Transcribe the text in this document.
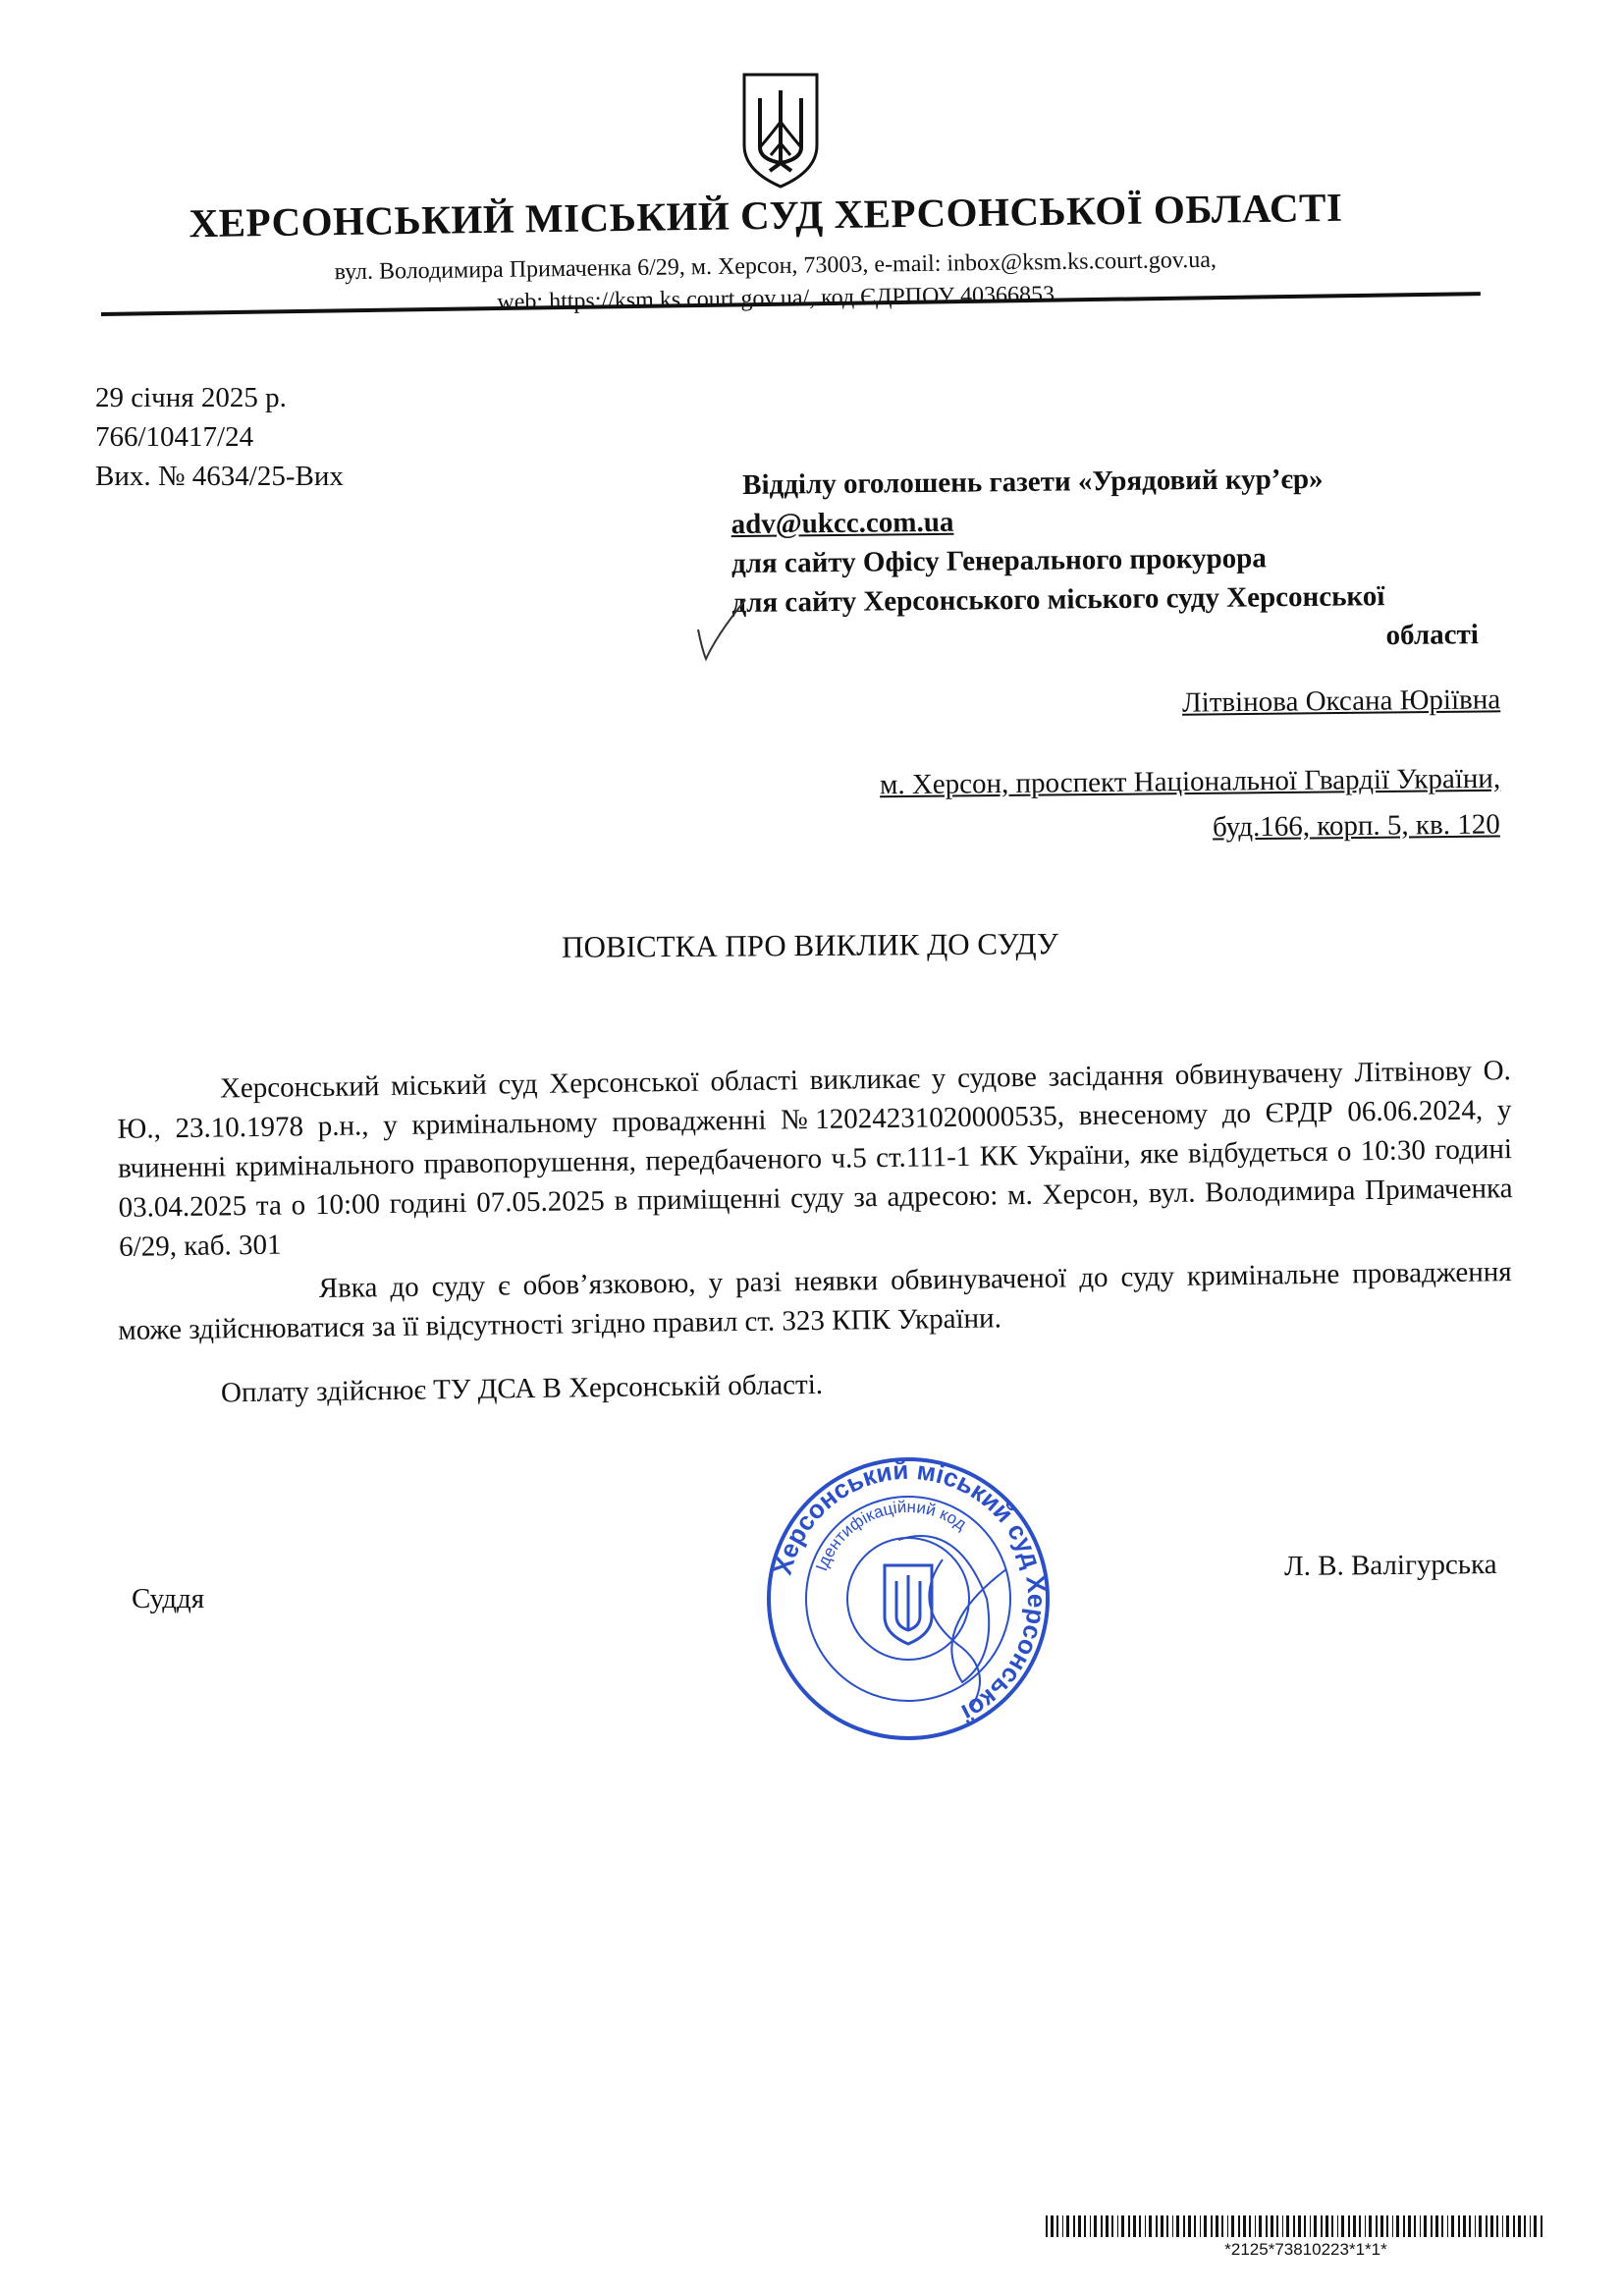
ХЕРСОНСЬКИЙ МІСЬКИЙ СУД ХЕРСОНСЬКОЇ ОБЛАСТІ
вул. Володимира Примаченка 6/29, м. Херсон, 73003, e-mail: inbox@ksm.ks.court.gov.ua,
web: https://ksm.ks.court.gov.ua/, код ЄДРПОУ 40366853
29 січня 2025 р.
766/10417/24
Вих. № 4634/25-Вих	Відділу оголошень газети «Урядовий кур’єр»
adv@ukcc.com.ua
для сайту Офісу Генерального прокурора
для сайту Херсонського міського суду Херсонської
області
Літвінова Оксана Юріївна
м. Херсон, проспект Національної Гвардії України,
буд.166, корп. 5, кв. 120
ПОВІСТКА ПРО ВИКЛИК ДО СУДУ
Херсонський міський суд Херсонської області викликає у судове засідання обвинувачену Літвінову О. Ю., 23.10.1978 р.н., у кримінальному провадженні №12024231020000535, внесеному до ЄРДР 06.06.2024, у вчиненні кримінального правопорушення, передбаченого ч.5 ст.111-1 КК України, яке відбудеться о 10:30 годині 03.04.2025 та о 10:00 годині 07.05.2025 в приміщенні суду за адресою: м. Херсон, вул. Володимира Примаченка 6/29, каб. 301
Явка до суду є обов’язковою, у разі неявки обвинуваченої до суду кримінальне провадження може здійснюватися за її відсутності згідно правил ст. 323 КПК України.
Оплату здійснює ТУ ДСА В Херсонській області.
Суддя
Л. В. Валігурська
Херсонський міський суд Херсонської
Ідентифікаційний код
*2125*73810223*1*1*
